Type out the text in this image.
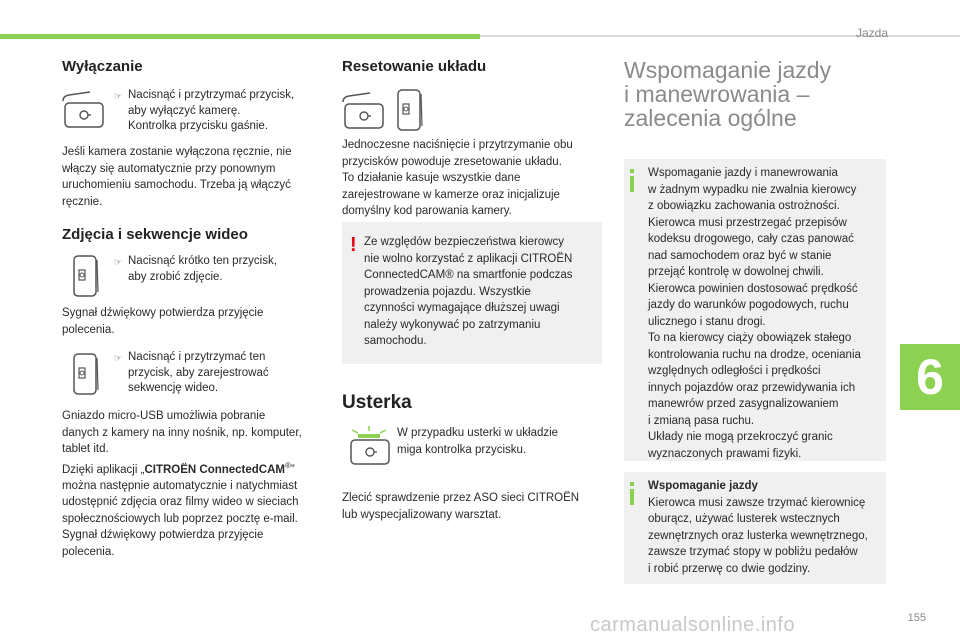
Jazda
6
155
carmanualsonline.info
Wyłączanie
☞ Nacisnąć i przytrzymać przycisk,
aby wyłączyć kamerę.
Kontrolka przycisku gaśnie.

Jeśli kamera zostanie wyłączona ręcznie, nie
włączy się automatycznie przy ponownym
uruchomieniu samochodu. Trzeba ją włączyć
ręcznie.

Zdjęcia i sekwencje wideo
☞ Nacisnąć krótko ten przycisk,
aby zrobić zdjęcie.

Sygnał dźwiękowy potwierdza przyjęcie
polecenia.

☞ Nacisnąć i przytrzymać ten
przycisk, aby zarejestrować
sekwencję wideo.

Gniazdo micro-USB umożliwia pobranie
danych z kamery na inny nośnik, np. komputer,
tablet itd.
Dzięki aplikacji „CITROËN ConnectedCAM®”
można następnie automatycznie i natychmiast
udostępnić zdjęcia oraz filmy wideo w sieciach
społecznościowych lub poprzez pocztę e-mail.
Sygnał dźwiękowy potwierdza przyjęcie
polecenia.

Resetowanie układu

Jednoczesne naciśnięcie i przytrzymanie obu
przycisków powoduje zresetowanie układu.
To działanie kasuje wszystkie dane
zarejestrowane w kamerze oraz inicjalizuje
domyślny kod parowania kamery.

! Ze względów bezpieczeństwa kierowcy
nie wolno korzystać z aplikacji CITROËN
ConnectedCAM® na smartfonie podczas
prowadzenia pojazdu. Wszystkie
czynności wymagające dłuższej uwagi
należy wykonywać po zatrzymaniu
samochodu.

Usterka

W przypadku usterki w układzie
miga kontrolka przycisku.

Zlecić sprawdzenie przez ASO sieci CITROËN
lub wyspecjalizowany warsztat.

Wspomaganie jazdy
i manewrowania –
zalecenia ogólne

Wspomaganie jazdy i manewrowania
w żadnym wypadku nie zwalnia kierowcy
z obowiązku zachowania ostrożności.
Kierowca musi przestrzegać przepisów
kodeksu drogowego, cały czas panować
nad samochodem oraz być w stanie
przejąć kontrolę w dowolnej chwili.
Kierowca powinien dostosować prędkość
jazdy do warunków pogodowych, ruchu
ulicznego i stanu drogi.
To na kierowcy ciąży obowiązek stałego
kontrolowania ruchu na drodze, oceniania
względnych odległości i prędkości
innych pojazdów oraz przewidywania ich
manewrów przed zasygnalizowaniem
i zmianą pasa ruchu.
Układy nie mogą przekroczyć granic
wyznaczonych prawami fizyki.

Wspomaganie jazdy
Kierowca musi zawsze trzymać kierownicę
oburącz, używać lusterek wstecznych
zewnętrznych oraz lusterka wewnętrznego,
zawsze trzymać stopy w pobliżu pedałów
i robić przerwę co dwie godziny.
